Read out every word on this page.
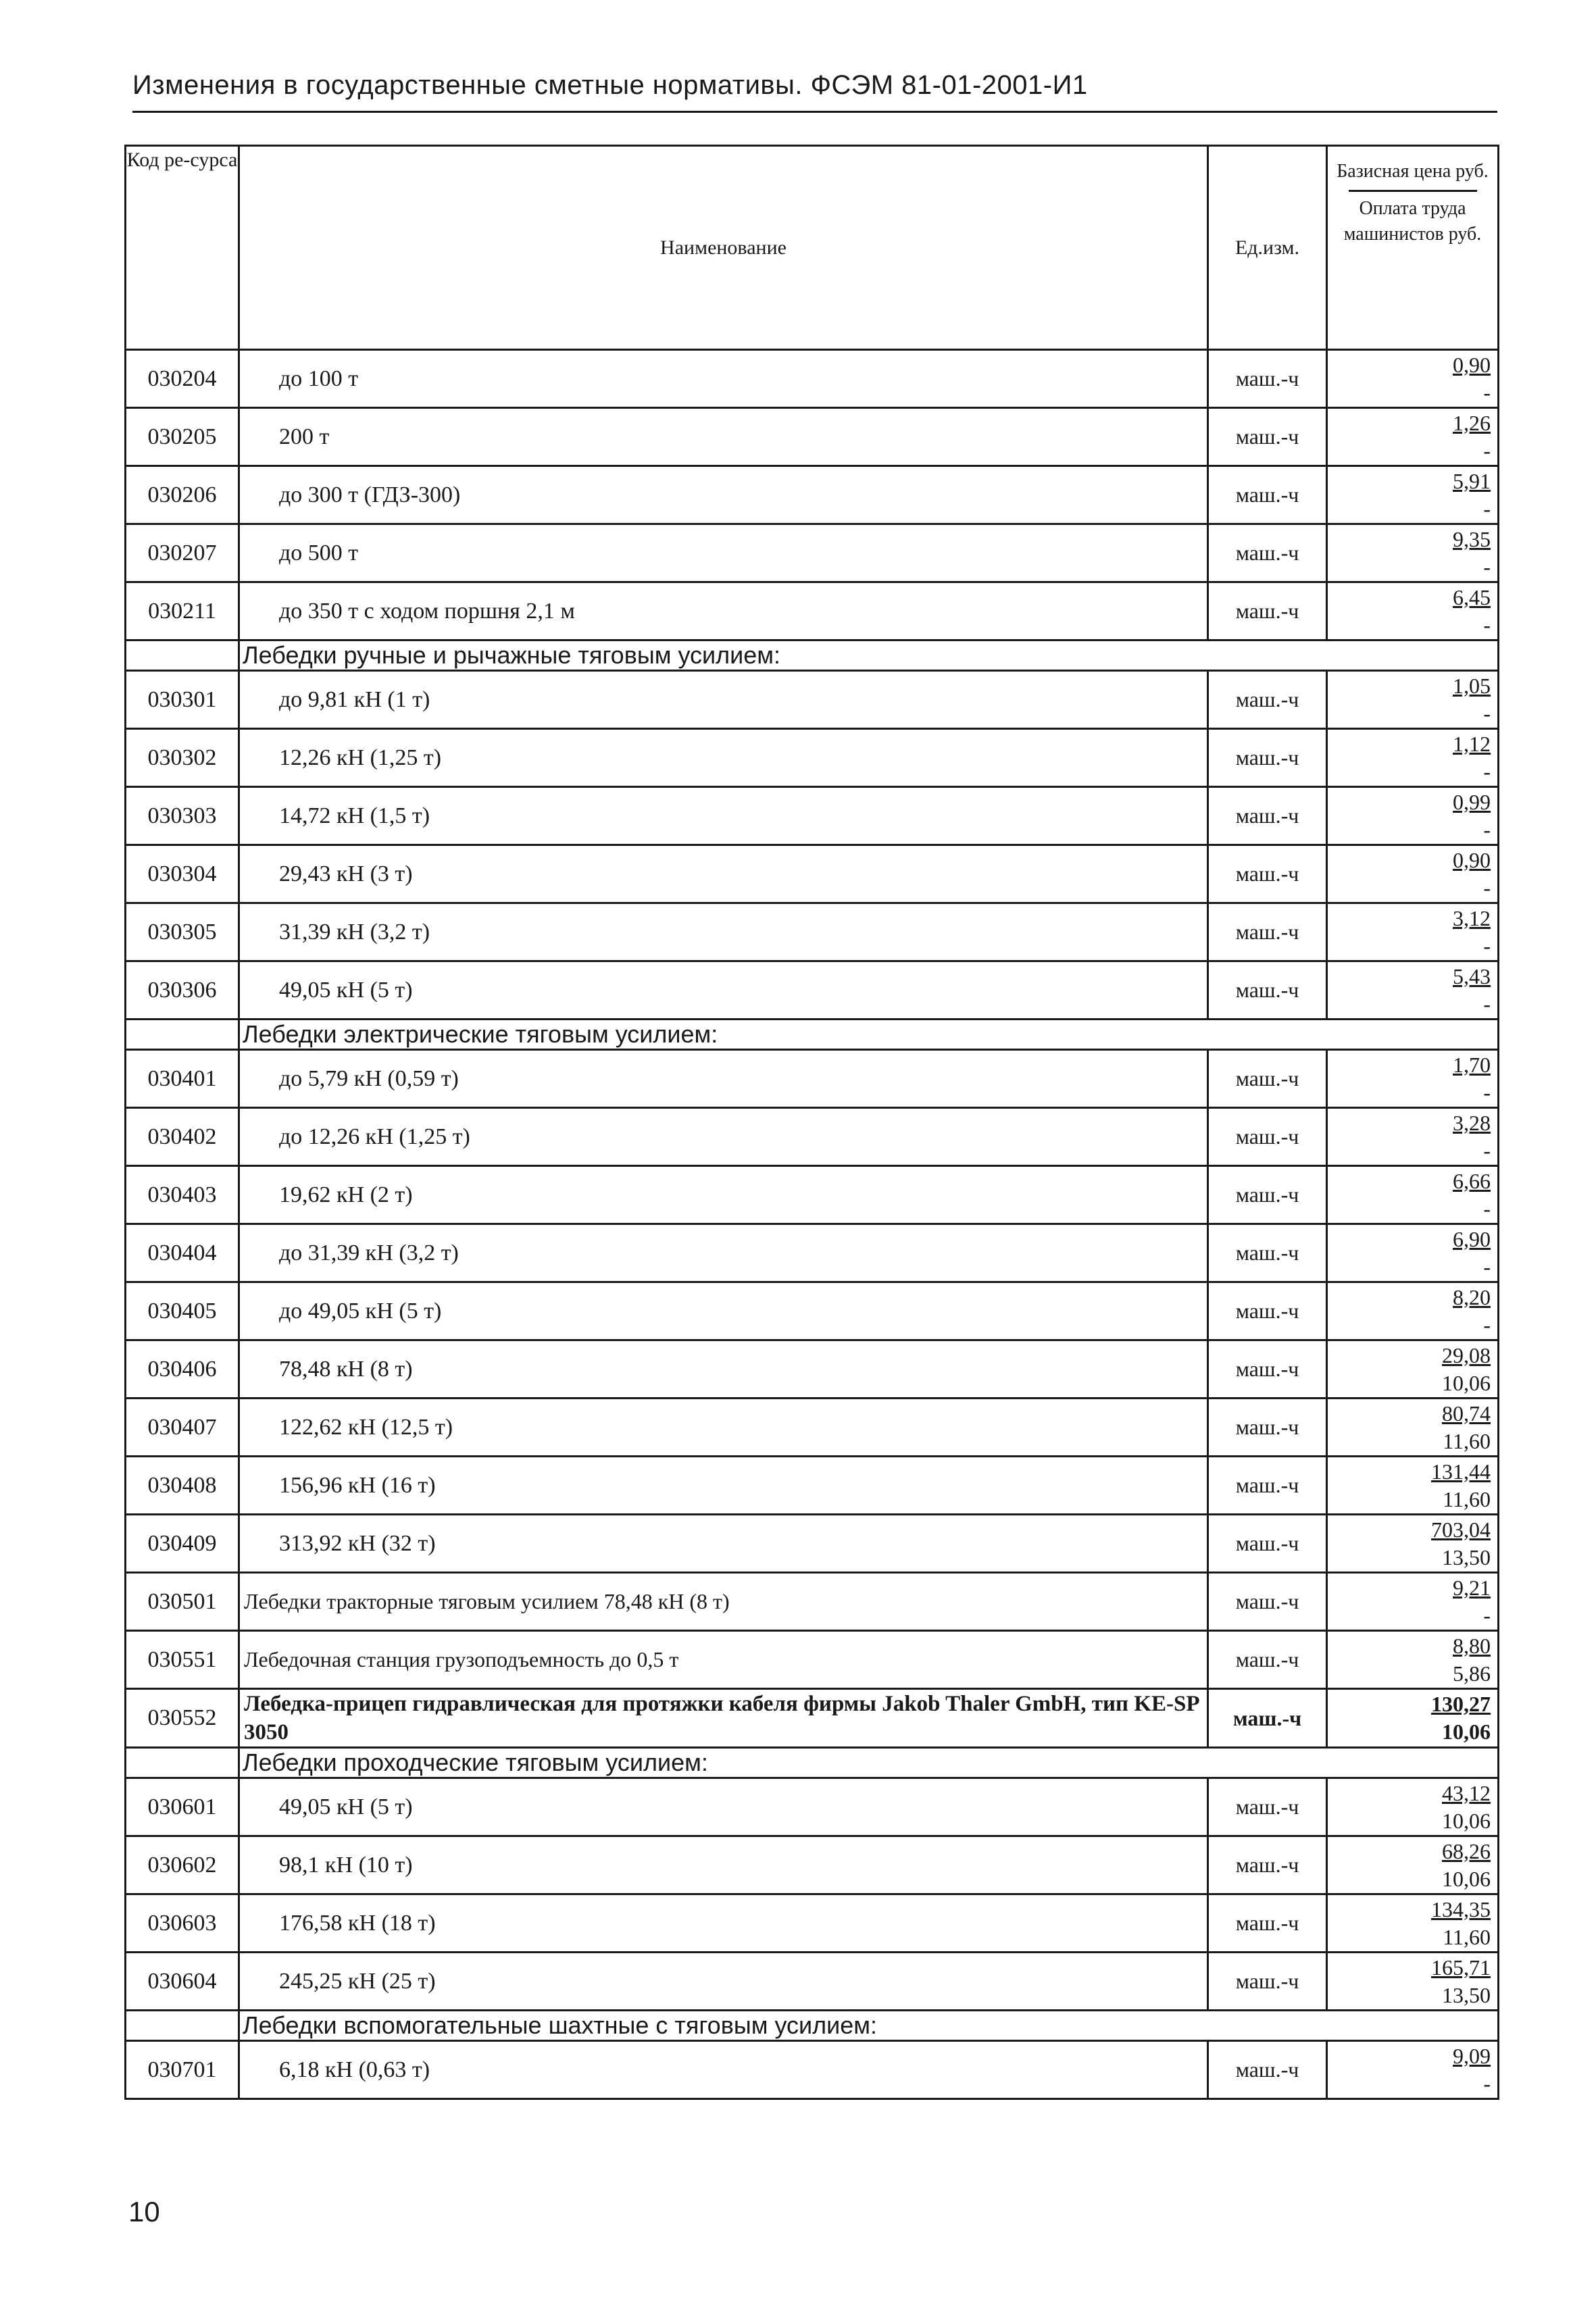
Изменения в государственные сметные нормативы. ФСЭМ 81-01-2001-И1
Код ре-сурса	Наименование	Ед.изм.	Базисная цена руб.
Оплата труда машинистов руб.

030204	до 100 т	маш.-ч	0,90
-

030205	200 т	маш.-ч	1,26
-

030206	до 300 т (ГДЗ-300)	маш.-ч	5,91
-

030207	до 500 т	маш.-ч	9,35
-

030211	до 350 т с ходом поршня 2,1 м	маш.-ч	6,45
-

	Лебедки ручные и рычажные тяговым усилием:		
030301	до 9,81 кН (1 т)	маш.-ч	1,05
-

030302	12,26 кН (1,25 т)	маш.-ч	1,12
-

030303	14,72 кН (1,5 т)	маш.-ч	0,99
-

030304	29,43 кН (3 т)	маш.-ч	0,90
-

030305	31,39 кН (3,2 т)	маш.-ч	3,12
-

030306	49,05 кН (5 т)	маш.-ч	5,43
-

	Лебедки электрические тяговым усилием:		
030401	до 5,79 кН (0,59 т)	маш.-ч	1,70
-

030402	до 12,26 кН (1,25 т)	маш.-ч	3,28
-

030403	19,62 кН (2 т)	маш.-ч	6,66
-

030404	до 31,39 кН (3,2 т)	маш.-ч	6,90
-

030405	до 49,05 кН (5 т)	маш.-ч	8,20
-

030406	78,48 кН (8 т)	маш.-ч	29,08
10,06

030407	122,62 кН (12,5 т)	маш.-ч	80,74
11,60

030408	156,96 кН (16 т)	маш.-ч	131,44
11,60

030409	313,92 кН (32 т)	маш.-ч	703,04
13,50

030501	Лебедки тракторные тяговым усилием 78,48 кН (8 т)	маш.-ч	9,21
-

030551	Лебедочная станция грузоподъемность до 0,5 т	маш.-ч	8,80
5,86

030552	Лебедка-прицеп гидравлическая для протяжки кабеля фирмы Jakob Thaler GmbH, тип KE-SP 3050	маш.-ч	130,27
10,06

	Лебедки проходческие тяговым усилием:		
030601	49,05 кН (5 т)	маш.-ч	43,12
10,06

030602	98,1 кН (10 т)	маш.-ч	68,26
10,06

030603	176,58 кН (18 т)	маш.-ч	134,35
11,60

030604	245,25 кН (25 т)	маш.-ч	165,71
13,50

	Лебедки вспомогательные шахтные с тяговым усилием:		
030701	6,18 кН (0,63 т)	маш.-ч	9,09
-
10
